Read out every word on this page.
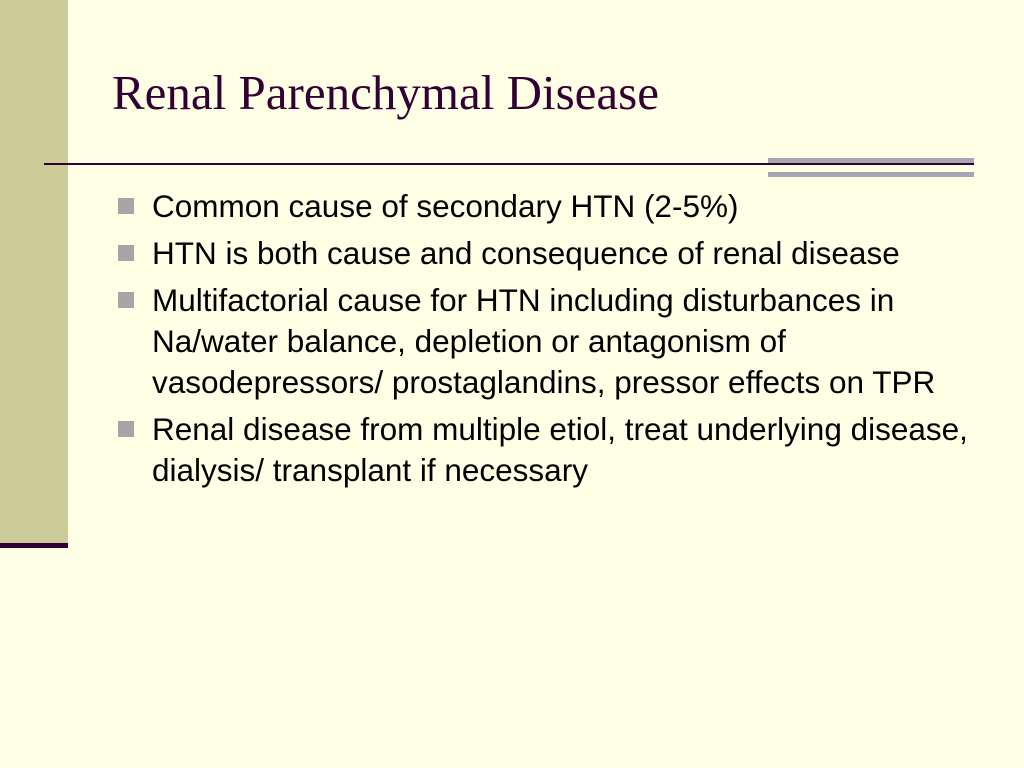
Renal Parenchymal Disease
Common cause of secondary HTN (2-5%)
HTN is both cause and consequence of renal disease
Multifactorial cause for HTN including disturbances in Na/water balance, depletion or antagonism of vasodepressors/ prostaglandins, pressor effects on TPR
Renal disease from multiple etiol, treat underlying disease, dialysis/ transplant if necessary
